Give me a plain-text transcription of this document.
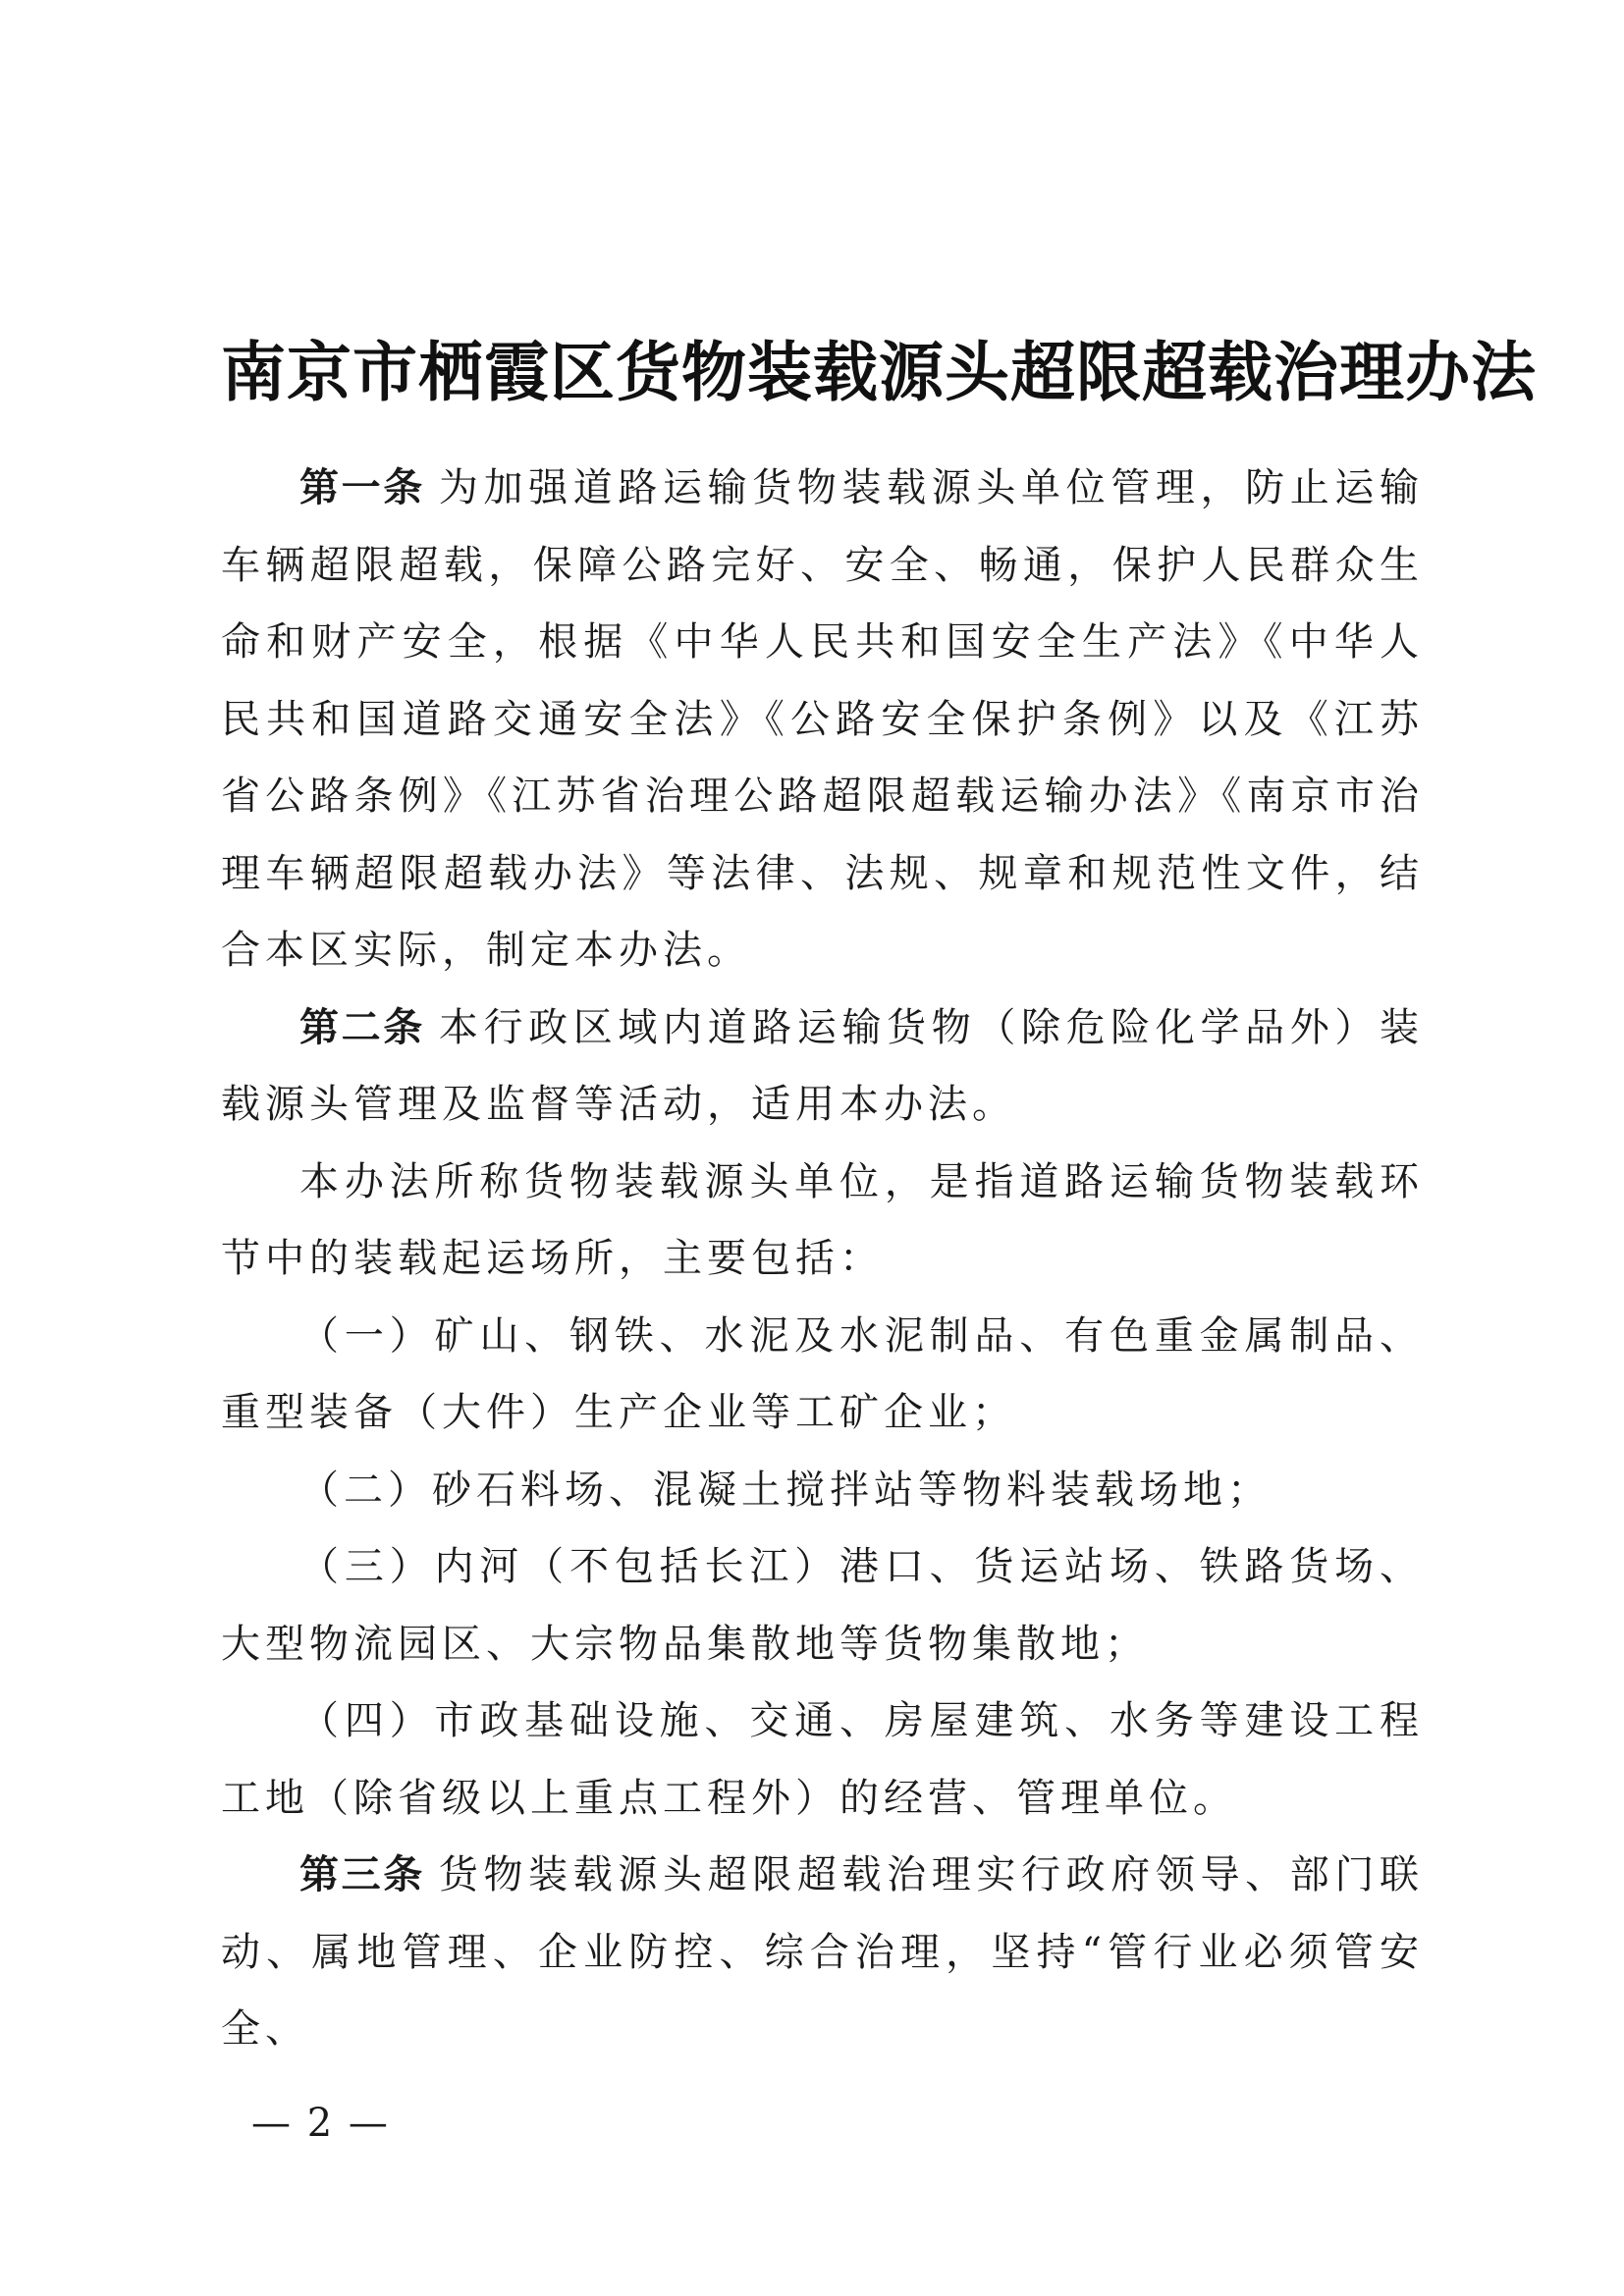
南京市栖霞区货物装载源头超限超载治理办法

第一条 为加强道路运输货物装载源头单位管理，防止运输车辆超限超载，保障公路完好、安全、畅通，保护人民群众生命和财产安全，根据《中华人民共和国安全生产法》《中华人民共和国道路交通安全法》《公路安全保护条例》以及《江苏省公路条例》《江苏省治理公路超限超载运输办法》《南京市治理车辆超限超载办法》等法律、法规、规章和规范性文件，结合本区实际，制定本办法。

第二条 本行政区域内道路运输货物（除危险化学品外）装载源头管理及监督等活动，适用本办法。

本办法所称货物装载源头单位，是指道路运输货物装载环节中的装载起运场所，主要包括：

（一）矿山、钢铁、水泥及水泥制品、有色重金属制品、重型装备（大件）生产企业等工矿企业；

（二）砂石料场、混凝土搅拌站等物料装载场地；

（三）内河（不包括长江）港口、货运站场、铁路货场、大型物流园区、大宗物品集散地等货物集散地；

（四）市政基础设施、交通、房屋建筑、水务等建设工程工地（除省级以上重点工程外）的经营、管理单位。

第三条 货物装载源头超限超载治理实行政府领导、部门联动、属地管理、企业防控、综合治理，坚持“管行业必须管安全、

— 2 —
